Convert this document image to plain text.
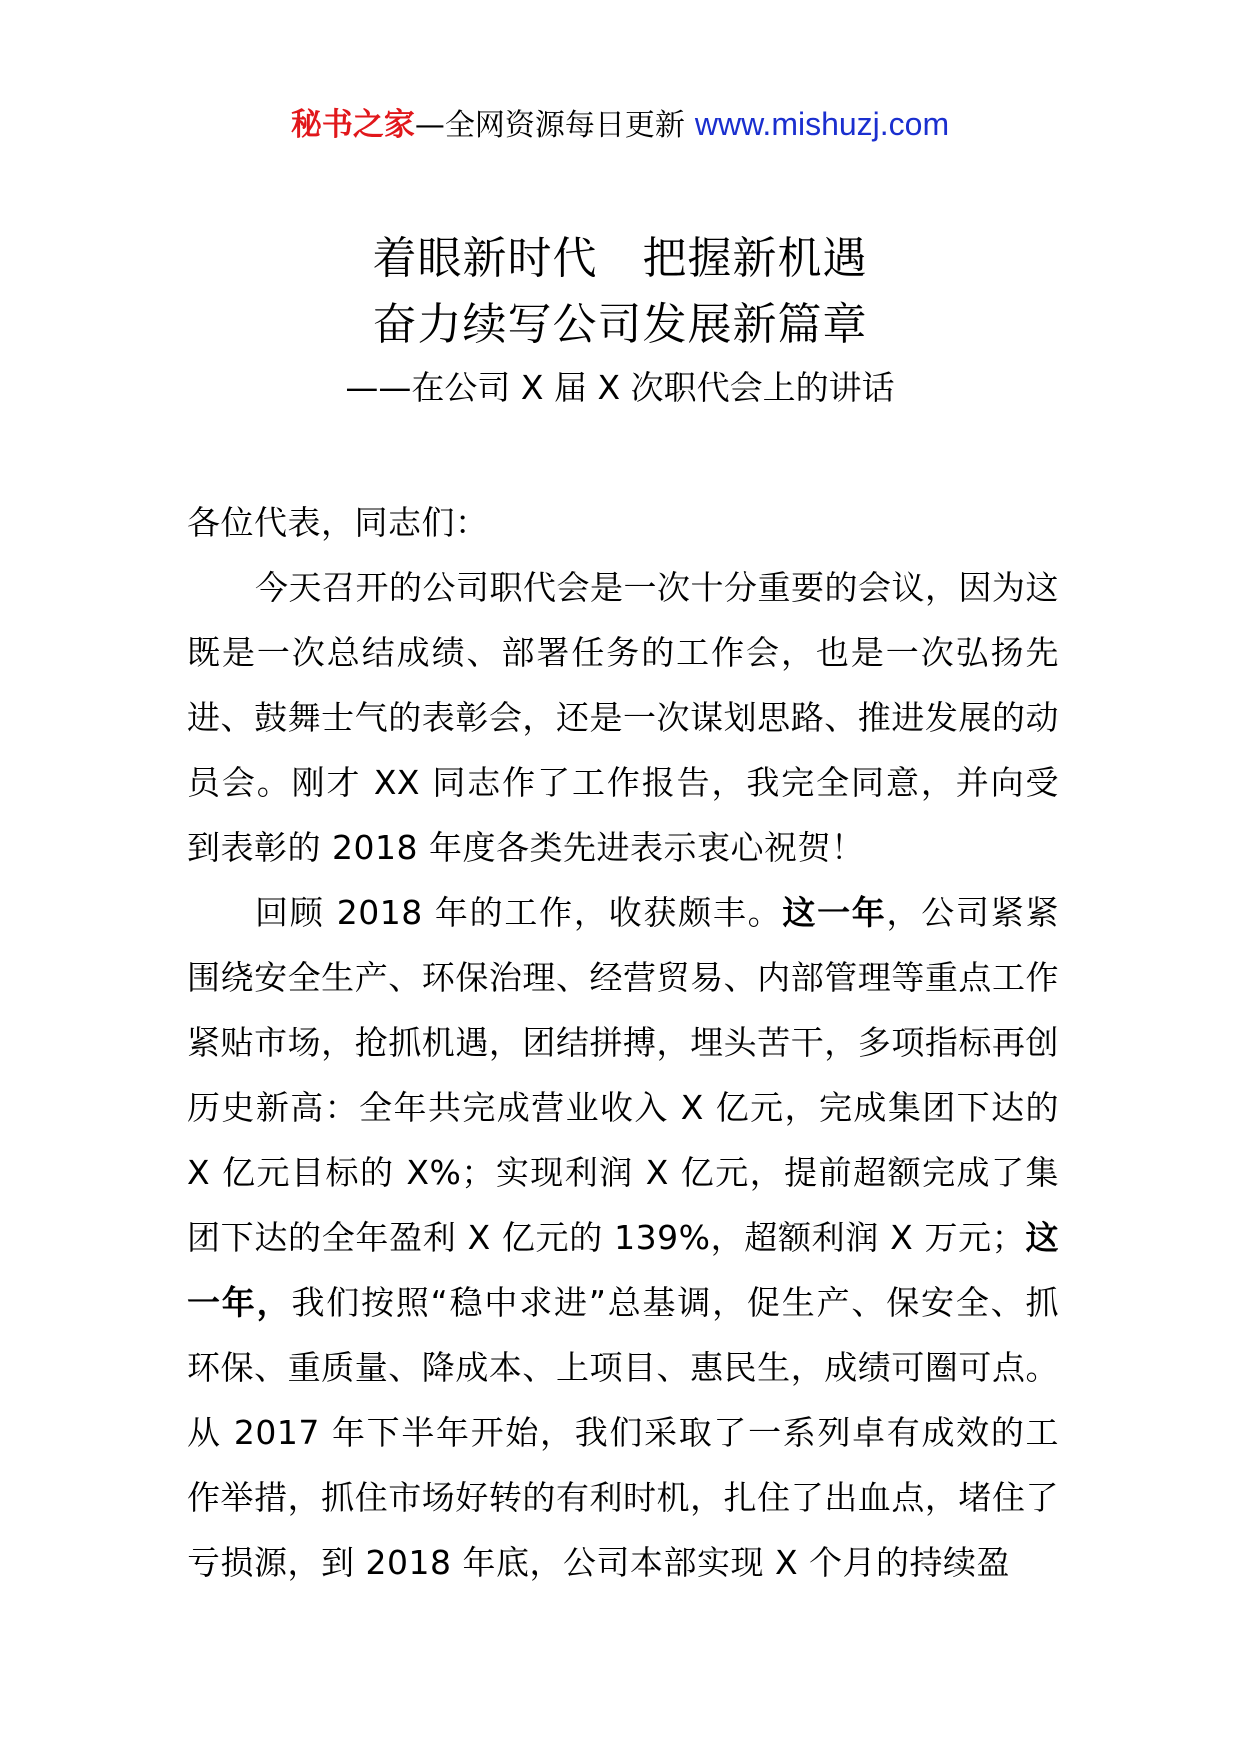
秘书之家—全网资源每日更新 www.mishuzj.com
着眼新时代　把握新机遇
奋力续写公司发展新篇章
——在公司 X 届 X 次职代会上的讲话

各位代表，同志们：

今天召开的公司职代会是一次十分重要的会议，因为这既是一次总结成绩、部署任务的工作会，也是一次弘扬先进、鼓舞士气的表彰会，还是一次谋划思路、推进发展的动员会。刚才 XX 同志作了工作报告，我完全同意，并向受到表彰的 2018 年度各类先进表示衷心祝贺！

回顾 2018 年的工作，收获颇丰。这一年，公司紧紧围绕安全生产、环保治理、经营贸易、内部管理等重点工作紧贴市场，抢抓机遇，团结拼搏，埋头苦干，多项指标再创历史新高：全年共完成营业收入 X 亿元，完成集团下达的 X 亿元目标的 X%；实现利润 X 亿元，提前超额完成了集团下达的全年盈利 X 亿元的 139%，超额利润 X 万元；这一年，我们按照“稳中求进”总基调，促生产、保安全、抓环保、重质量、降成本、上项目、惠民生，成绩可圈可点。从 2017 年下半年开始，我们采取了一系列卓有成效的工作举措，抓住市场好转的有利时机，扎住了出血点，堵住了亏损源，到 2018 年底，公司本部实现 X 个月的持续盈
